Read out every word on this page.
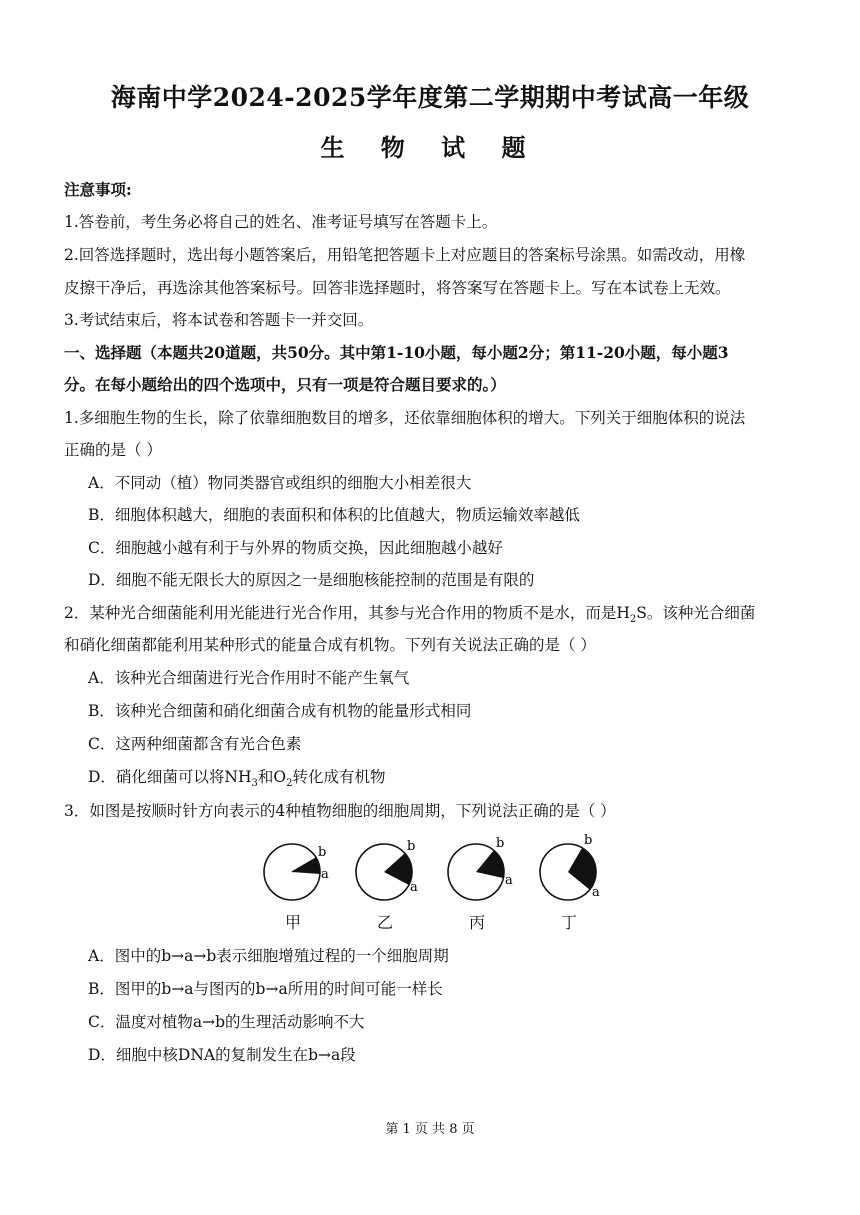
海南中学2024-2025学年度第二学期期中考试高一年级
生 物 试 题
注意事项:
1.答卷前，考生务必将自己的姓名、准考证号填写在答题卡上。
2.回答选择题时，选出每小题答案后，用铅笔把答题卡上对应题目的答案标号涂黑。如需改动，用橡
皮擦干净后，再选涂其他答案标号。回答非选择题时，将答案写在答题卡上。写在本试卷上无效。
3.考试结束后，将本试卷和答题卡一并交回。
一、选择题（本题共20道题，共50分。其中第1-10小题，每小题2分；第11-20小题，每小题3
分。在每小题给出的四个选项中，只有一项是符合题目要求的。）
1.多细胞生物的生长，除了依靠细胞数目的增多，还依靠细胞体积的增大。下列关于细胞体积的说法
正确的是（ ）
A．不同动（植）物同类器官或组织的细胞大小相差很大
B．细胞体积越大，细胞的表面积和体积的比值越大，物质运输效率越低
C．细胞越小越有利于与外界的物质交换，因此细胞越小越好
D．细胞不能无限长大的原因之一是细胞核能控制的范围是有限的
2．某种光合细菌能利用光能进行光合作用，其参与光合作用的物质不是水，而是$H_2S$。该种光合细菌
和硝化细菌都能利用某种形式的能量合成有机物。下列有关说法正确的是（ ）
A．该种光合细菌进行光合作用时不能产生氧气
B．该种光合细菌和硝化细菌合成有机物的能量形式相同
C．这两种细菌都含有光合色素
D．硝化细菌可以将$NH_3$和$O_2$转化成有机物
3．如图是按顺时针方向表示的4种植物细胞的细胞周期，下列说法正确的是（ ）
b
a
b
a
b
a
b
a
甲	乙	丙	丁
A．图中的b→a→b表示细胞增殖过程的一个细胞周期
B．图甲的b→a与图丙的b→a所用的时间可能一样长
C．温度对植物a→b的生理活动影响不大
D．细胞中核DNA的复制发生在b→a段
第 1 页 共 8 页
